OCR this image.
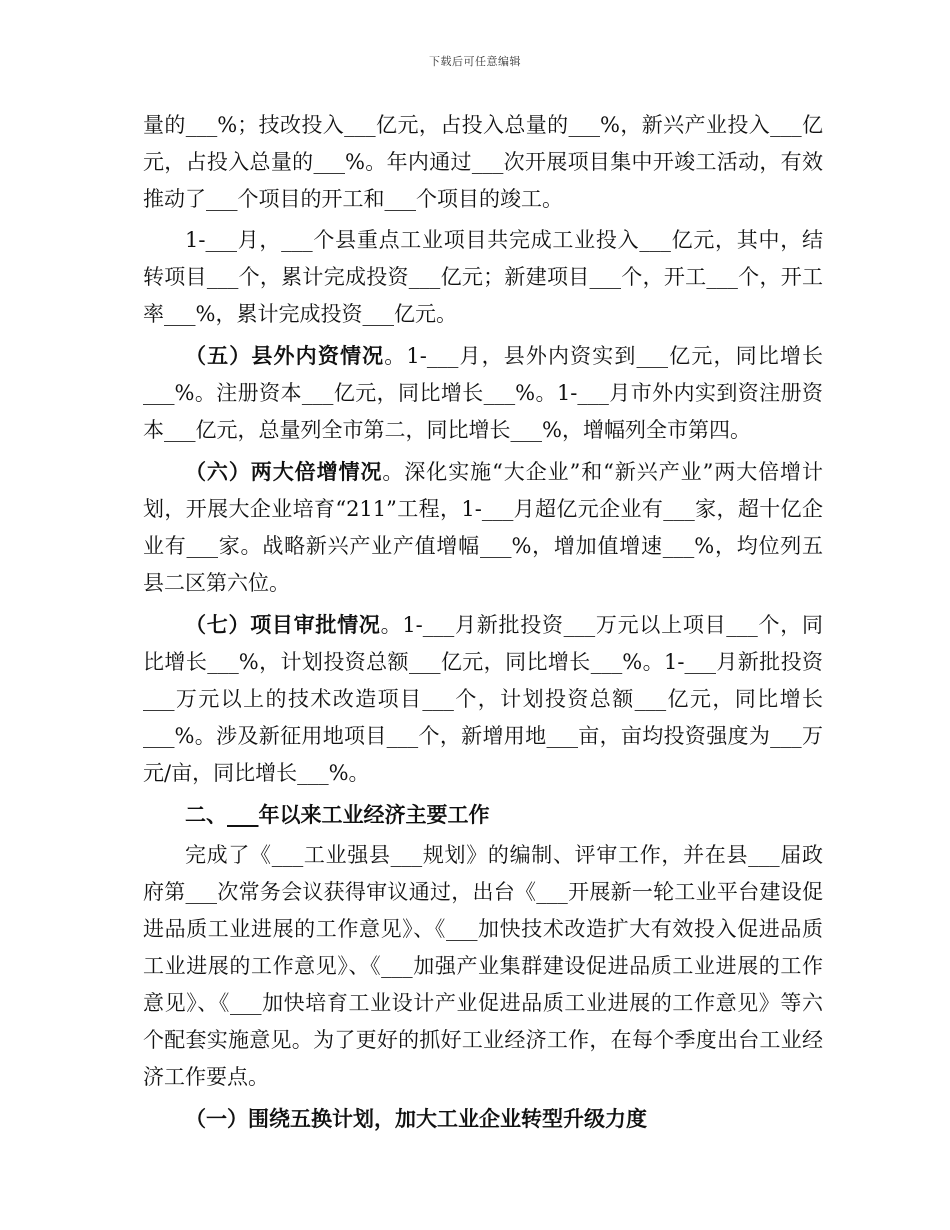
下载后可任意编辑

量的___%；技改投入___亿元，占投入总量的___%，新兴产业投入___亿元，占投入总量的___%。年内通过___次开展项目集中开竣工活动，有效推动了___个项目的开工和___个项目的竣工。

1-___月，___个县重点工业项目共完成工业投入___亿元，其中，结转项目___个，累计完成投资___亿元；新建项目___个，开工___个，开工率___%，累计完成投资___亿元。

（五）县外内资情况。1-___月，县外内资实到___亿元，同比增长___%。注册资本___亿元，同比增长___%。1-___月市外内实到资注册资本___亿元，总量列全市第二，同比增长___%，增幅列全市第四。

（六）两大倍增情况。深化实施“大企业”和“新兴产业”两大倍增计划，开展大企业培育“211”工程，1-___月超亿元企业有___家，超十亿企业有___家。战略新兴产业产值增幅___%，增加值增速___%，均位列五县二区第六位。

（七）项目审批情况。1-___月新批投资___万元以上项目___个，同比增长___%，计划投资总额___亿元，同比增长___%。1-___月新批投资___万元以上的技术改造项目___个，计划投资总额___亿元，同比增长___%。涉及新征用地项目___个，新增用地___亩，亩均投资强度为___万元/亩，同比增长___%。

二、___年以来工业经济主要工作

完成了《___工业强县___规划》的编制、评审工作，并在县___届政府第___次常务会议获得审议通过，出台《___开展新一轮工业平台建设促进品质工业进展的工作意见》、《___加快技术改造扩大有效投入促进品质工业进展的工作意见》、《___加强产业集群建设促进品质工业进展的工作意见》、《___加快培育工业设计产业促进品质工业进展的工作意见》等六个配套实施意见。为了更好的抓好工业经济工作，在每个季度出台工业经济工作要点。

（一）围绕五换计划，加大工业企业转型升级力度
